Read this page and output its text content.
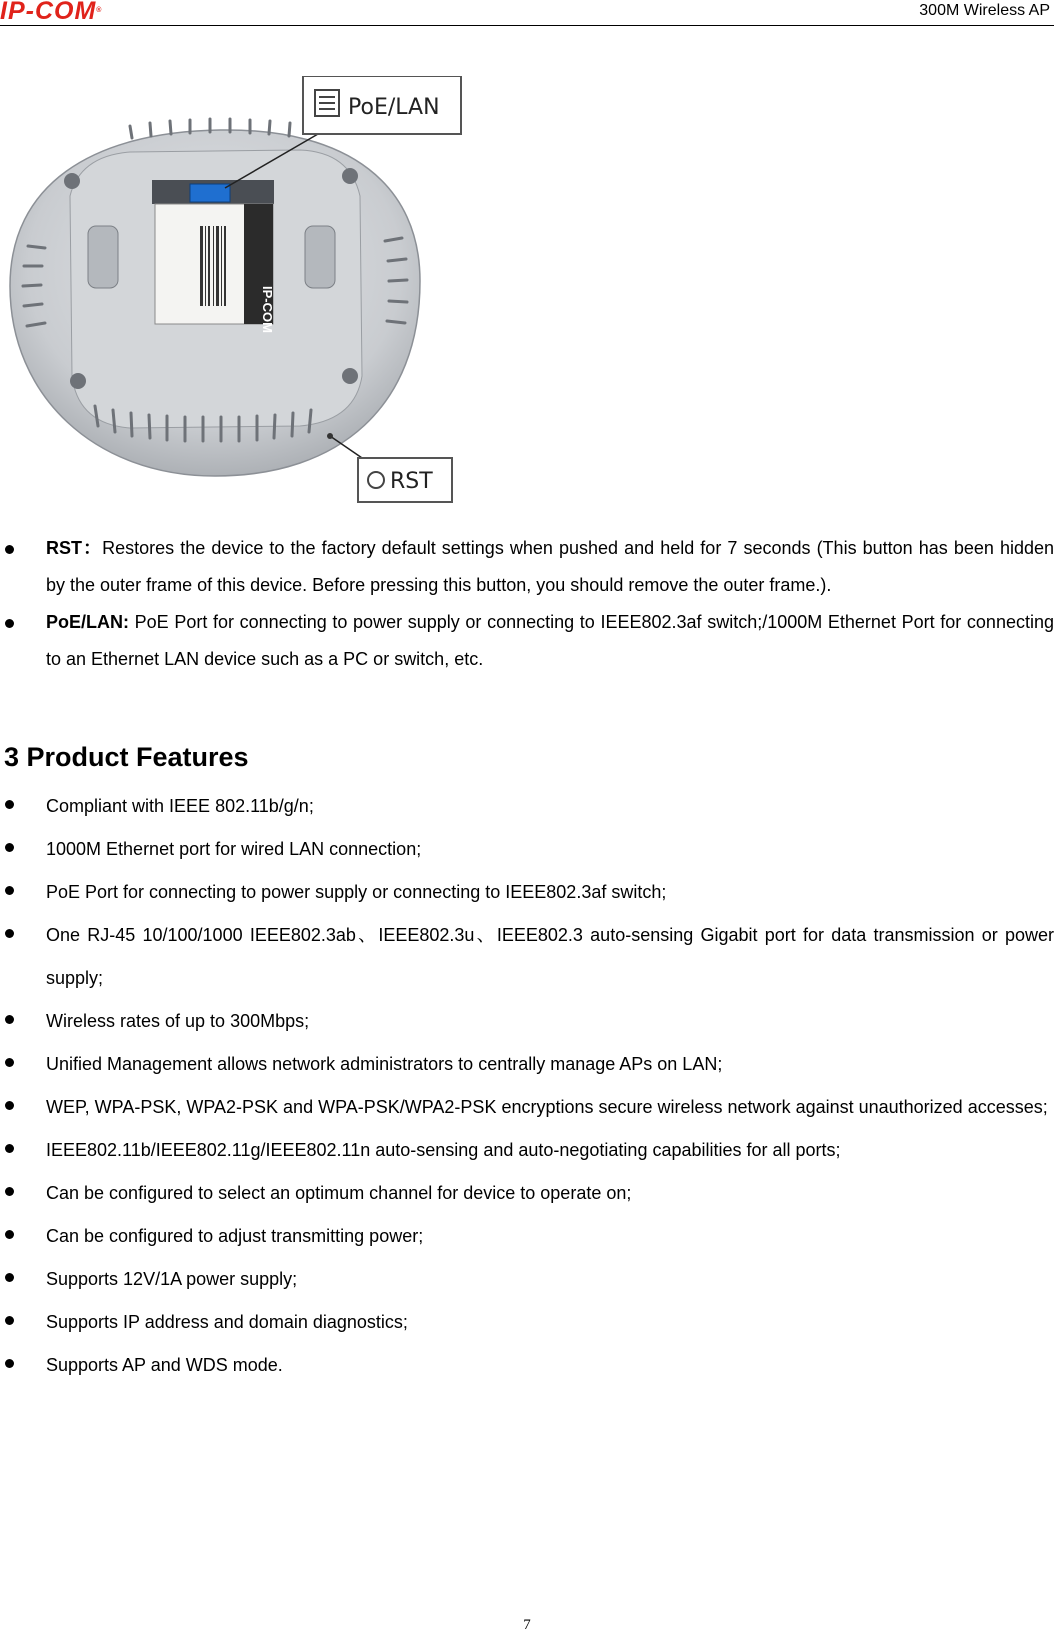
IP-COM®	300M Wireless AP
IP-COM
PoE/LAN
RST
RST：Restores the device to the factory default settings when pushed and held for 7 seconds (This button has been hidden by the outer frame of this device. Before pressing this button, you should remove the outer frame.).
PoE/LAN: PoE Port for connecting to power supply or connecting to IEEE802.3af switch;/1000M Ethernet Port for connecting to an Ethernet LAN device such as a PC or switch, etc.
3 Product Features
Compliant with IEEE 802.11b/g/n;
1000M Ethernet port for wired LAN connection;
PoE Port for connecting to power supply or connecting to IEEE802.3af switch;
One RJ-45 10/100/1000 IEEE802.3ab、IEEE802.3u、IEEE802.3 auto-sensing Gigabit port for data transmission or power supply;
Wireless rates of up to 300Mbps;
Unified Management allows network administrators to centrally manage APs on LAN;
WEP, WPA-PSK, WPA2-PSK and WPA-PSK/WPA2-PSK encryptions secure wireless network against unauthorized accesses;
IEEE802.11b/IEEE802.11g/IEEE802.11n auto-sensing and auto-negotiating capabilities for all ports;
Can be configured to select an optimum channel for device to operate on;
Can be configured to adjust transmitting power;
Supports 12V/1A power supply;
Supports IP address and domain diagnostics;
Supports AP and WDS mode.
7
